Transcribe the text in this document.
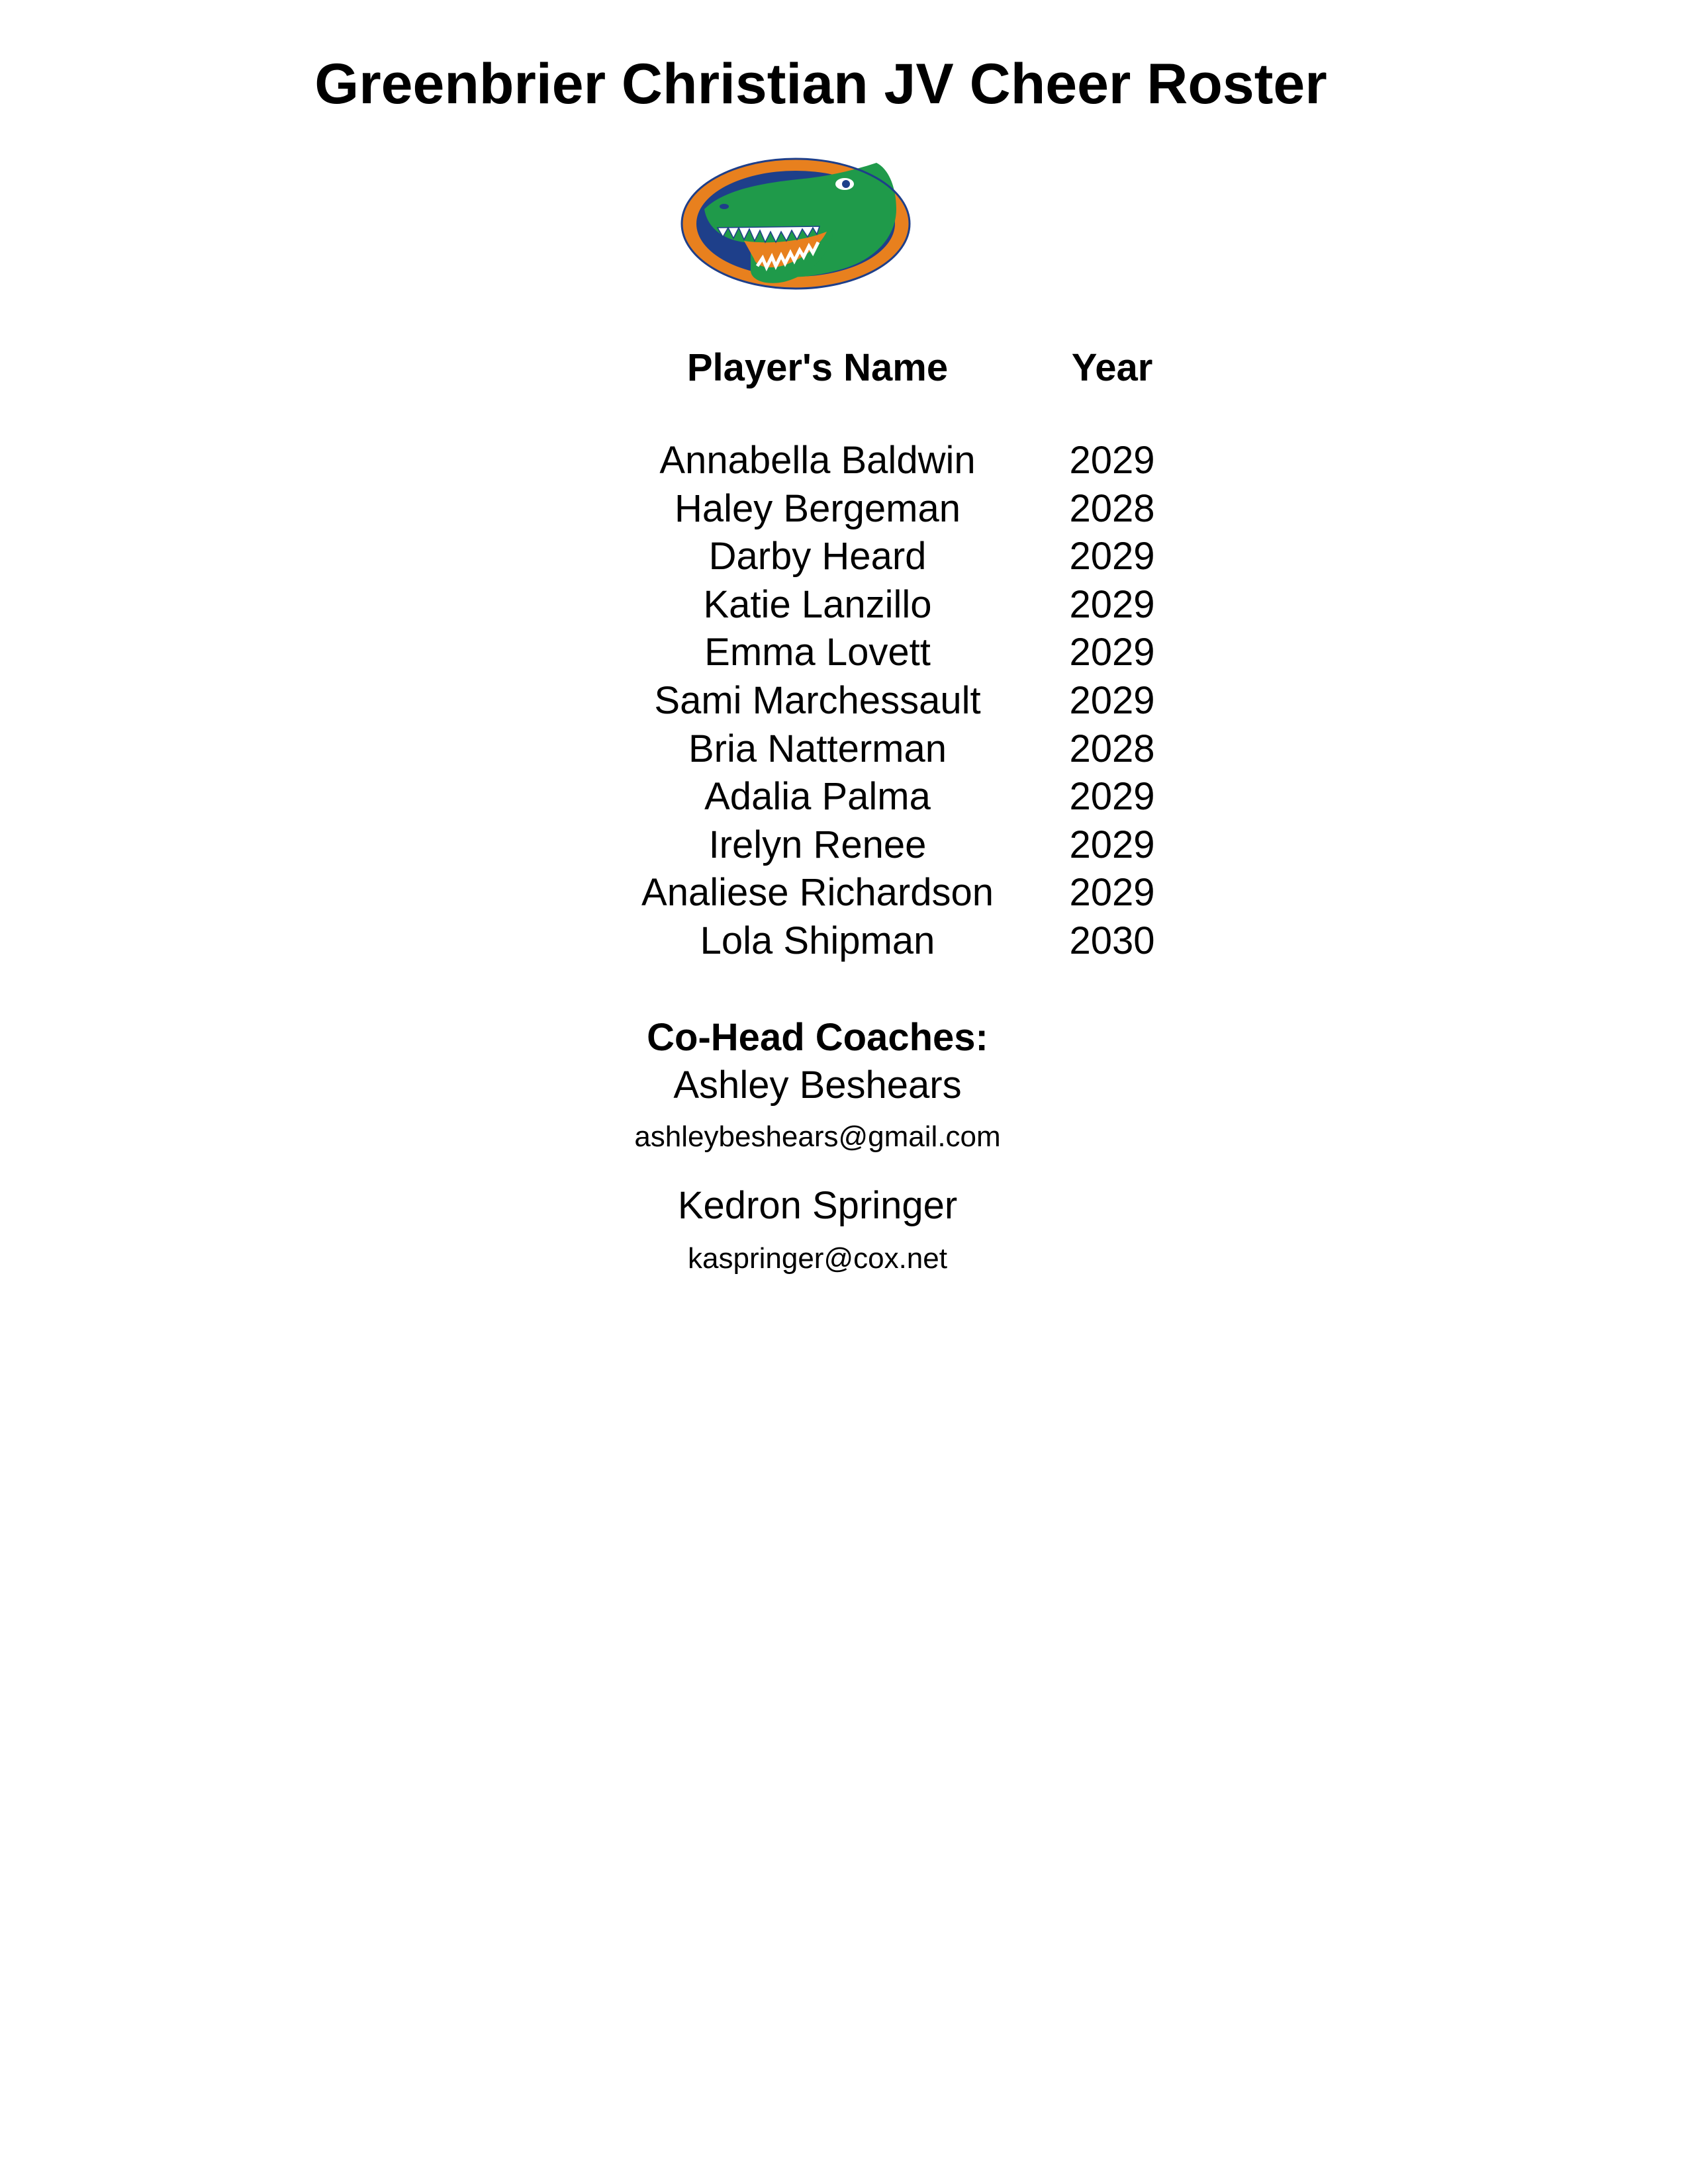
Greenbrier Christian JV Cheer Roster
Player's Name	Year
Annabella Baldwin	2029
Haley Bergeman	2028
Darby Heard	2029
Katie Lanzillo	2029
Emma Lovett	2029
Sami Marchessault	2029
Bria Natterman	2028
Adalia Palma	2029
Irelyn Renee	2029
Analiese Richardson	2029
Lola Shipman	2030
Co-Head Coaches:
Ashley Beshears
ashleybeshears@gmail.com
Kedron Springer
kaspringer@cox.net
